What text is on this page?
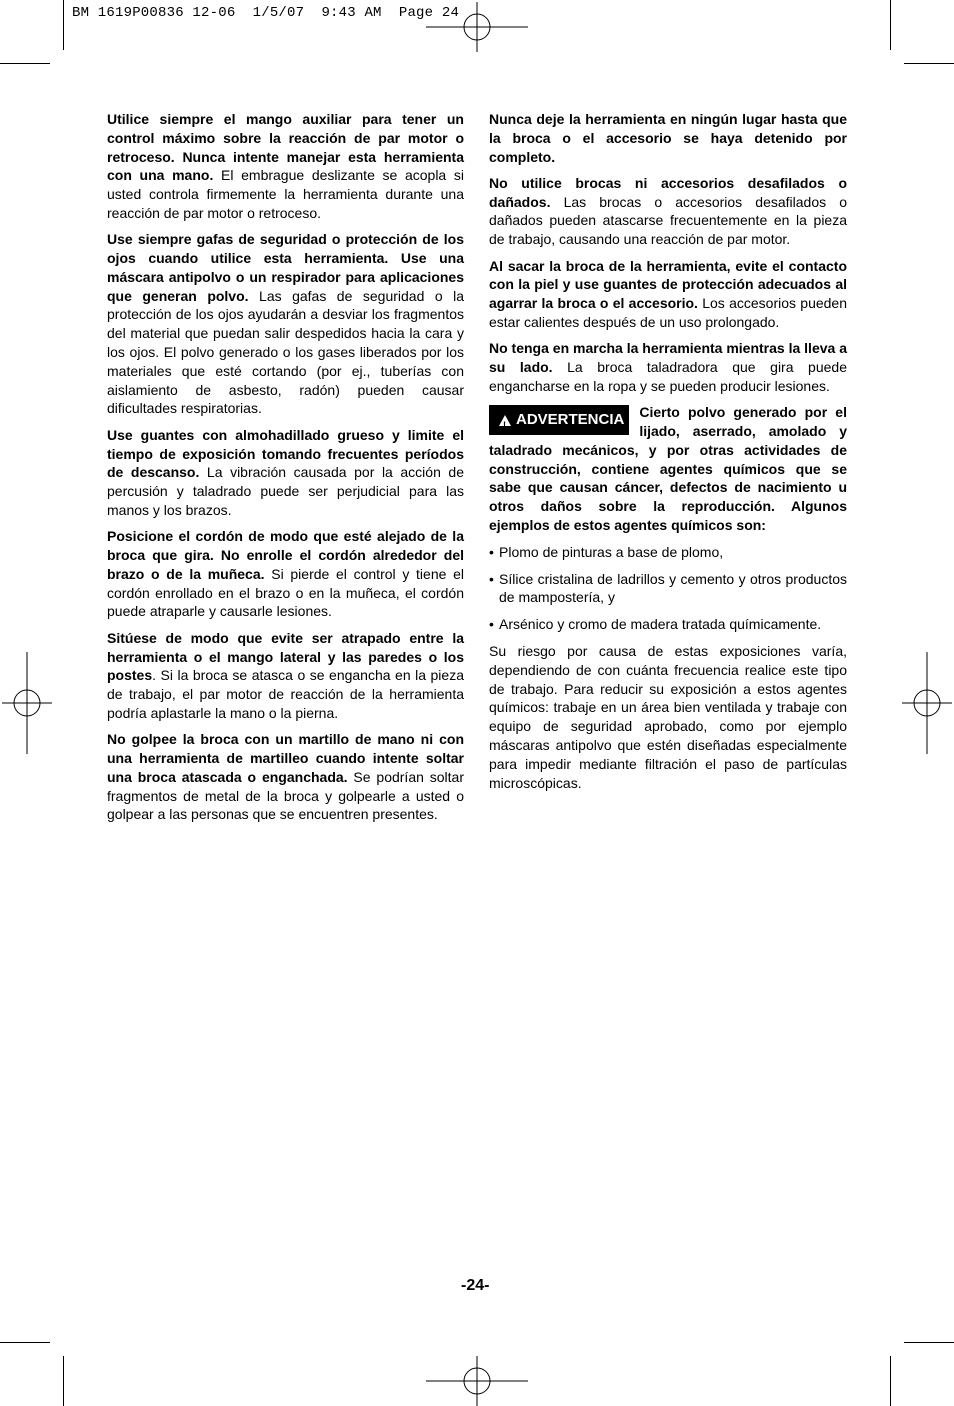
BM 1619P00836 12-06  1/5/07  9:43 AM  Page 24

Utilice siempre el mango auxiliar para tener un control máximo sobre la reacción de par motor o retroceso. Nunca intente manejar esta herramienta con una mano. El embrague deslizante se acopla si usted controla firmemente la herramienta durante una reacción de par motor o retroceso.

Use siempre gafas de seguridad o protección de los ojos cuando utilice esta herramienta. Use una máscara antipolvo o un respirador para aplicaciones que generan polvo. Las gafas de seguridad o la protección de los ojos ayudarán a desviar los fragmentos del material que puedan salir despedidos hacia la cara y los ojos. El polvo generado o los gases liberados por los materiales que esté cortando (por ej., tuberías con aislamiento de asbesto, radón) pueden causar dificultades respiratorias.

Use guantes con almohadillado grueso y limite el tiempo de exposición tomando frecuentes períodos de descanso. La vibración causada por la acción de percusión y taladrado puede ser perjudicial para las manos y los brazos.

Posicione el cordón de modo que esté alejado de la broca que gira. No enrolle el cordón alrededor del brazo o de la muñeca. Si pierde el control y tiene el cordón enrollado en el brazo o en la muñeca, el cordón puede atraparle y causarle lesiones.

Sitúese de modo que evite ser atrapado entre la herramienta o el mango lateral y las paredes o los postes. Si la broca se atasca o se engancha en la pieza de trabajo, el par motor de reacción de la herramienta podría aplastarle la mano o la pierna.

No golpee la broca con un martillo de mano ni con una herramienta de martilleo cuando intente soltar una broca atascada o enganchada. Se podrían soltar fragmentos de metal de la broca y golpearle a usted o golpear a las personas que se encuentren presentes.

Nunca deje la herramienta en ningún lugar hasta que la broca o el accesorio se haya detenido por completo.

No utilice brocas ni accesorios desafilados o dañados. Las brocas o accesorios desafilados o dañados pueden atascarse frecuentemente en la pieza de trabajo, causando una reacción de par motor.

Al sacar la broca de la herramienta, evite el contacto con la piel y use guantes de protección adecuados al agarrar la broca o el accesorio. Los accesorios pueden estar calientes después de un uso prolongado.

No tenga en marcha la herramienta mientras la lleva a su lado. La broca taladradora que gira puede engancharse en la ropa y se pueden producir lesiones.

!
ADVERTENCIA Cierto polvo generado por el lijado, aserrado, amolado y taladrado mecánicos, y por otras actividades de construcción, contiene agentes químicos que se sabe que causan cáncer, defectos de nacimiento u otros daños sobre la reproducción. Algunos ejemplos de estos agentes químicos son:
• Plomo de pinturas a base de plomo,
• Sílice cristalina de ladrillos y cemento y otros productos de mampostería, y
• Arsénico y cromo de madera tratada químicamente.

Su riesgo por causa de estas exposiciones varía, dependiendo de con cuánta frecuencia realice este tipo de trabajo. Para reducir su exposición a estos agentes químicos: trabaje en un área bien ventilada y trabaje con equipo de seguridad aprobado, como por ejemplo máscaras antipolvo que estén diseñadas especialmente para impedir mediante filtración el paso de partículas microscópicas.

-24-
